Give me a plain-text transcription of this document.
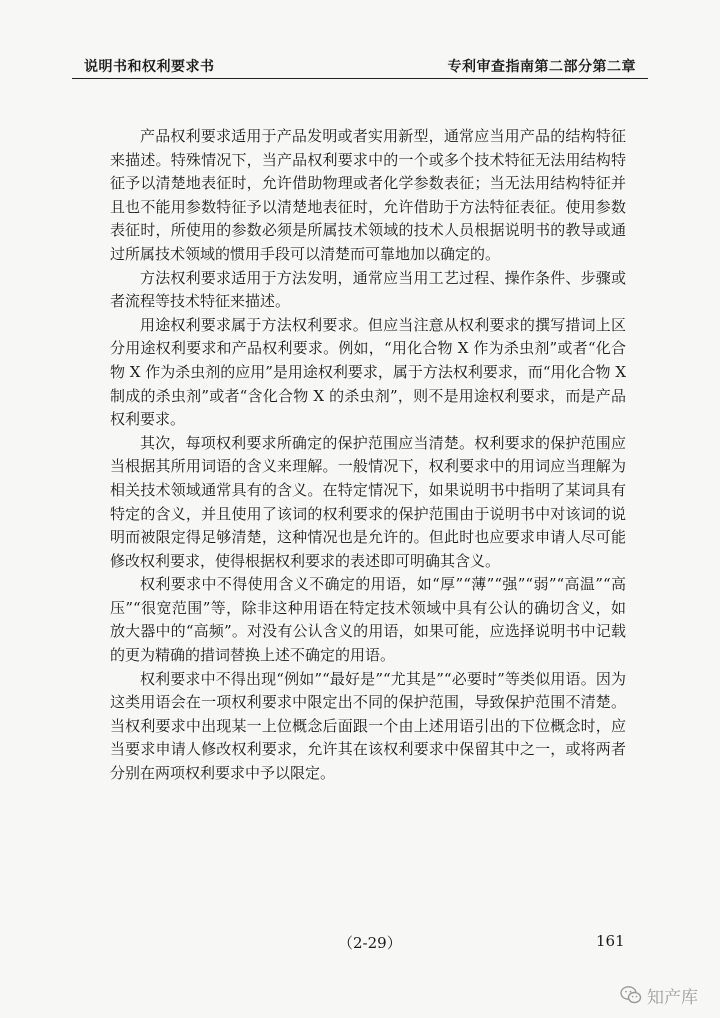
说明书和权利要求书	专利审查指南第二部分第二章

产品权利要求适用于产品发明或者实用新型，通常应当用产品的结构特征来描述。特殊情况下，当产品权利要求中的一个或多个技术特征无法用结构特征予以清楚地表征时，允许借助物理或者化学参数表征；当无法用结构特征并且也不能用参数特征予以清楚地表征时，允许借助于方法特征表征。使用参数表征时，所使用的参数必须是所属技术领域的技术人员根据说明书的教导或通过所属技术领域的惯用手段可以清楚而可靠地加以确定的。

方法权利要求适用于方法发明，通常应当用工艺过程、操作条件、步骤或者流程等技术特征来描述。

用途权利要求属于方法权利要求。但应当注意从权利要求的撰写措词上区分用途权利要求和产品权利要求。例如，“用化合物 X 作为杀虫剂”或者“化合物 X 作为杀虫剂的应用”是用途权利要求，属于方法权利要求，而“用化合物 X 制成的杀虫剂”或者“含化合物 X 的杀虫剂”，则不是用途权利要求，而是产品权利要求。

其次，每项权利要求所确定的保护范围应当清楚。权利要求的保护范围应当根据其所用词语的含义来理解。一般情况下，权利要求中的用词应当理解为相关技术领域通常具有的含义。在特定情况下，如果说明书中指明了某词具有特定的含义，并且使用了该词的权利要求的保护范围由于说明书中对该词的说明而被限定得足够清楚，这种情况也是允许的。但此时也应要求申请人尽可能修改权利要求，使得根据权利要求的表述即可明确其含义。

权利要求中不得使用含义不确定的用语，如“厚”“薄”“强”“弱”“高温”“高压”“很宽范围”等，除非这种用语在特定技术领域中具有公认的确切含义，如放大器中的“高频”。对没有公认含义的用语，如果可能，应选择说明书中记载的更为精确的措词替换上述不确定的用语。

权利要求中不得出现“例如”“最好是”“尤其是”“必要时”等类似用语。因为这类用语会在一项权利要求中限定出不同的保护范围，导致保护范围不清楚。当权利要求中出现某一上位概念后面跟一个由上述用语引出的下位概念时，应当要求申请人修改权利要求，允许其在该权利要求中保留其中之一，或将两者分别在两项权利要求中予以限定。

（2-29）	161
知产库
